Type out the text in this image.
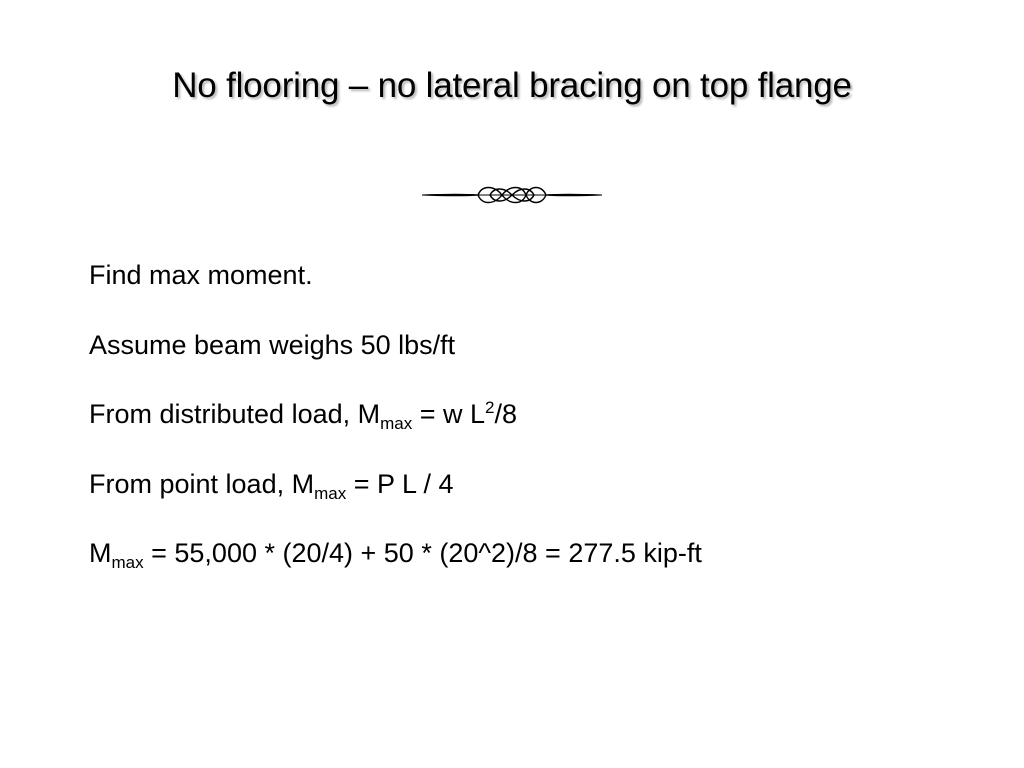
No flooring – no lateral bracing on top flange
Find max moment.
Assume beam weighs 50 lbs/ft
From distributed load, $M_{max} = w$ $L^2/8$
From point load, $M_{max} = P$ L / 4
$M_{max} = 55,000 * (20/4) + 50$ * (20^2)/8 = 277.5 kip-ft
